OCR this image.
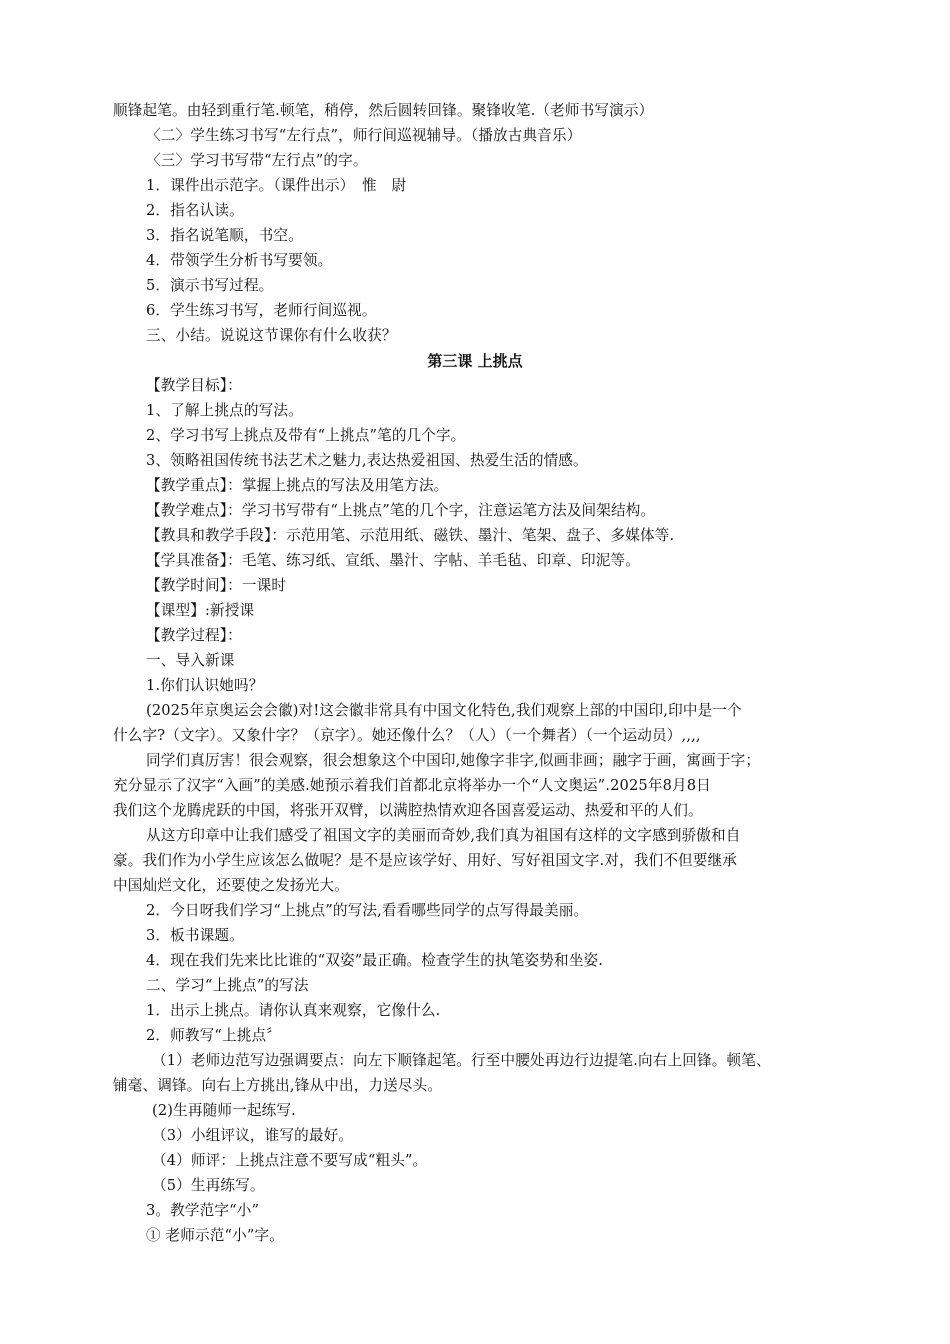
顺锋起笔。由轻到重行笔.顿笔，稍停，然后圆转回锋。聚锋收笔.（老师书写演示）
〈二〉学生练习书写“左行点”，师行间巡视辅导。（播放古典音乐）
〈三〉学习书写带“左行点”的字。
1．课件出示范字。（课件出示）　惟　尉
2．指名认读。
3．指名说笔顺，书空。
4．带领学生分析书写要领。
5．演示书写过程。
6．学生练习书写，老师行间巡视。
三、小结。说说这节课你有什么收获？
第三课 上挑点
【教学目标】：
1、了解上挑点的写法。
2、学习书写上挑点及带有“上挑点”笔的几个字。
3、领略祖国传统书法艺术之魅力,表达热爱祖国、热爱生活的情感。
【教学重点】：掌握上挑点的写法及用笔方法。
【教学难点】：学习书写带有“上挑点”笔的几个字，注意运笔方法及间架结构。
【教具和教学手段】：示范用笔、示范用纸、磁铁、墨汁、笔架、盘子、多媒体等.
【学具准备】：毛笔、练习纸、宣纸、墨汁、字帖、羊毛毡、印章、印泥等。
【教学时间】：一课时
【课型】:新授课
【教学过程】：
一、导入新课
1.你们认识她吗？
(2025年京奥运会会徽)对!这会徽非常具有中国文化特色,我们观察上部的中国印,印中是一个
什么字?（文字）。又象什字？（京字）。她还像什么？（人）（一个舞者）（一个运动员）,,,,
同学们真厉害！很会观察，很会想象这个中国印,她像字非字,似画非画；融字于画，寓画于字；
充分显示了汉字“入画”的美感.她预示着我们首都北京将举办一个“人文奥运”.2025年8月8日
我们这个龙腾虎跃的中国，将张开双臂，以满腔热情欢迎各国喜爱运动、热爱和平的人们。
从这方印章中让我们感受了祖国文字的美丽而奇妙,我们真为祖国有这样的文字感到骄傲和自
豪。我们作为小学生应该怎么做呢？是不是应该学好、用好、写好祖国文字.对，我们不但要继承
中国灿烂文化，还要使之发扬光大。
2．今日呀我们学习“上挑点”的写法,看看哪些同学的点写得最美丽。
3．板书课题。
4．现在我们先来比比谁的“双姿”最正确。检查学生的执笔姿势和坐姿.
二、学习“上挑点”的写法
1．出示上挑点。请你认真来观察，它像什么.
2．师教写“上挑点〞
（1）老师边范写边强调要点：向左下顺锋起笔。行至中腰处再边行边提笔.向右上回锋。顿笔、
铺毫、调锋。向右上方挑出,锋从中出，力送尽头。
(2)生再随师一起练写.
（3）小组评议，谁写的最好。
（4）师评：上挑点注意不要写成“粗头”。
（5）生再练写。
3。教学范字“小”
① 老师示范“小”字。
